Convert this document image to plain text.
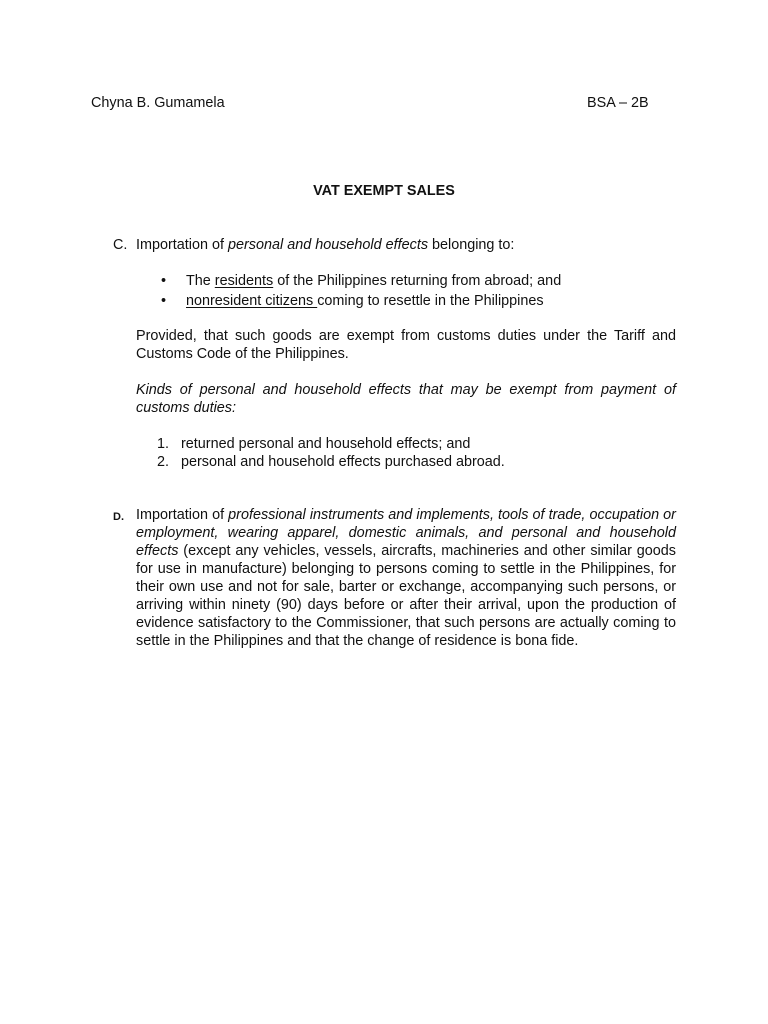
Chyna B. Gumamela	BSA – 2B
VAT EXEMPT SALES
C. Importation of personal and household effects belonging to:
• The residents of the Philippines returning from abroad; and
• nonresident citizens coming to resettle in the Philippines
Provided, that such goods are exempt from customs duties under the Tariff and Customs Code of the Philippines.
Kinds of personal and household effects that may be exempt from payment of customs duties:
1. returned personal and household effects; and
2. personal and household effects purchased abroad.
D. Importation of professional instruments and implements, tools of trade, occupation or employment, wearing apparel, domestic animals, and personal and household effects (except any vehicles, vessels, aircrafts, machineries and other similar goods for use in manufacture) belonging to persons coming to settle in the Philippines, for their own use and not for sale, barter or exchange, accompanying such persons, or arriving within ninety (90) days before or after their arrival, upon the production of evidence satisfactory to the Commissioner, that such persons are actually coming to settle in the Philippines and that the change of residence is bona fide.
